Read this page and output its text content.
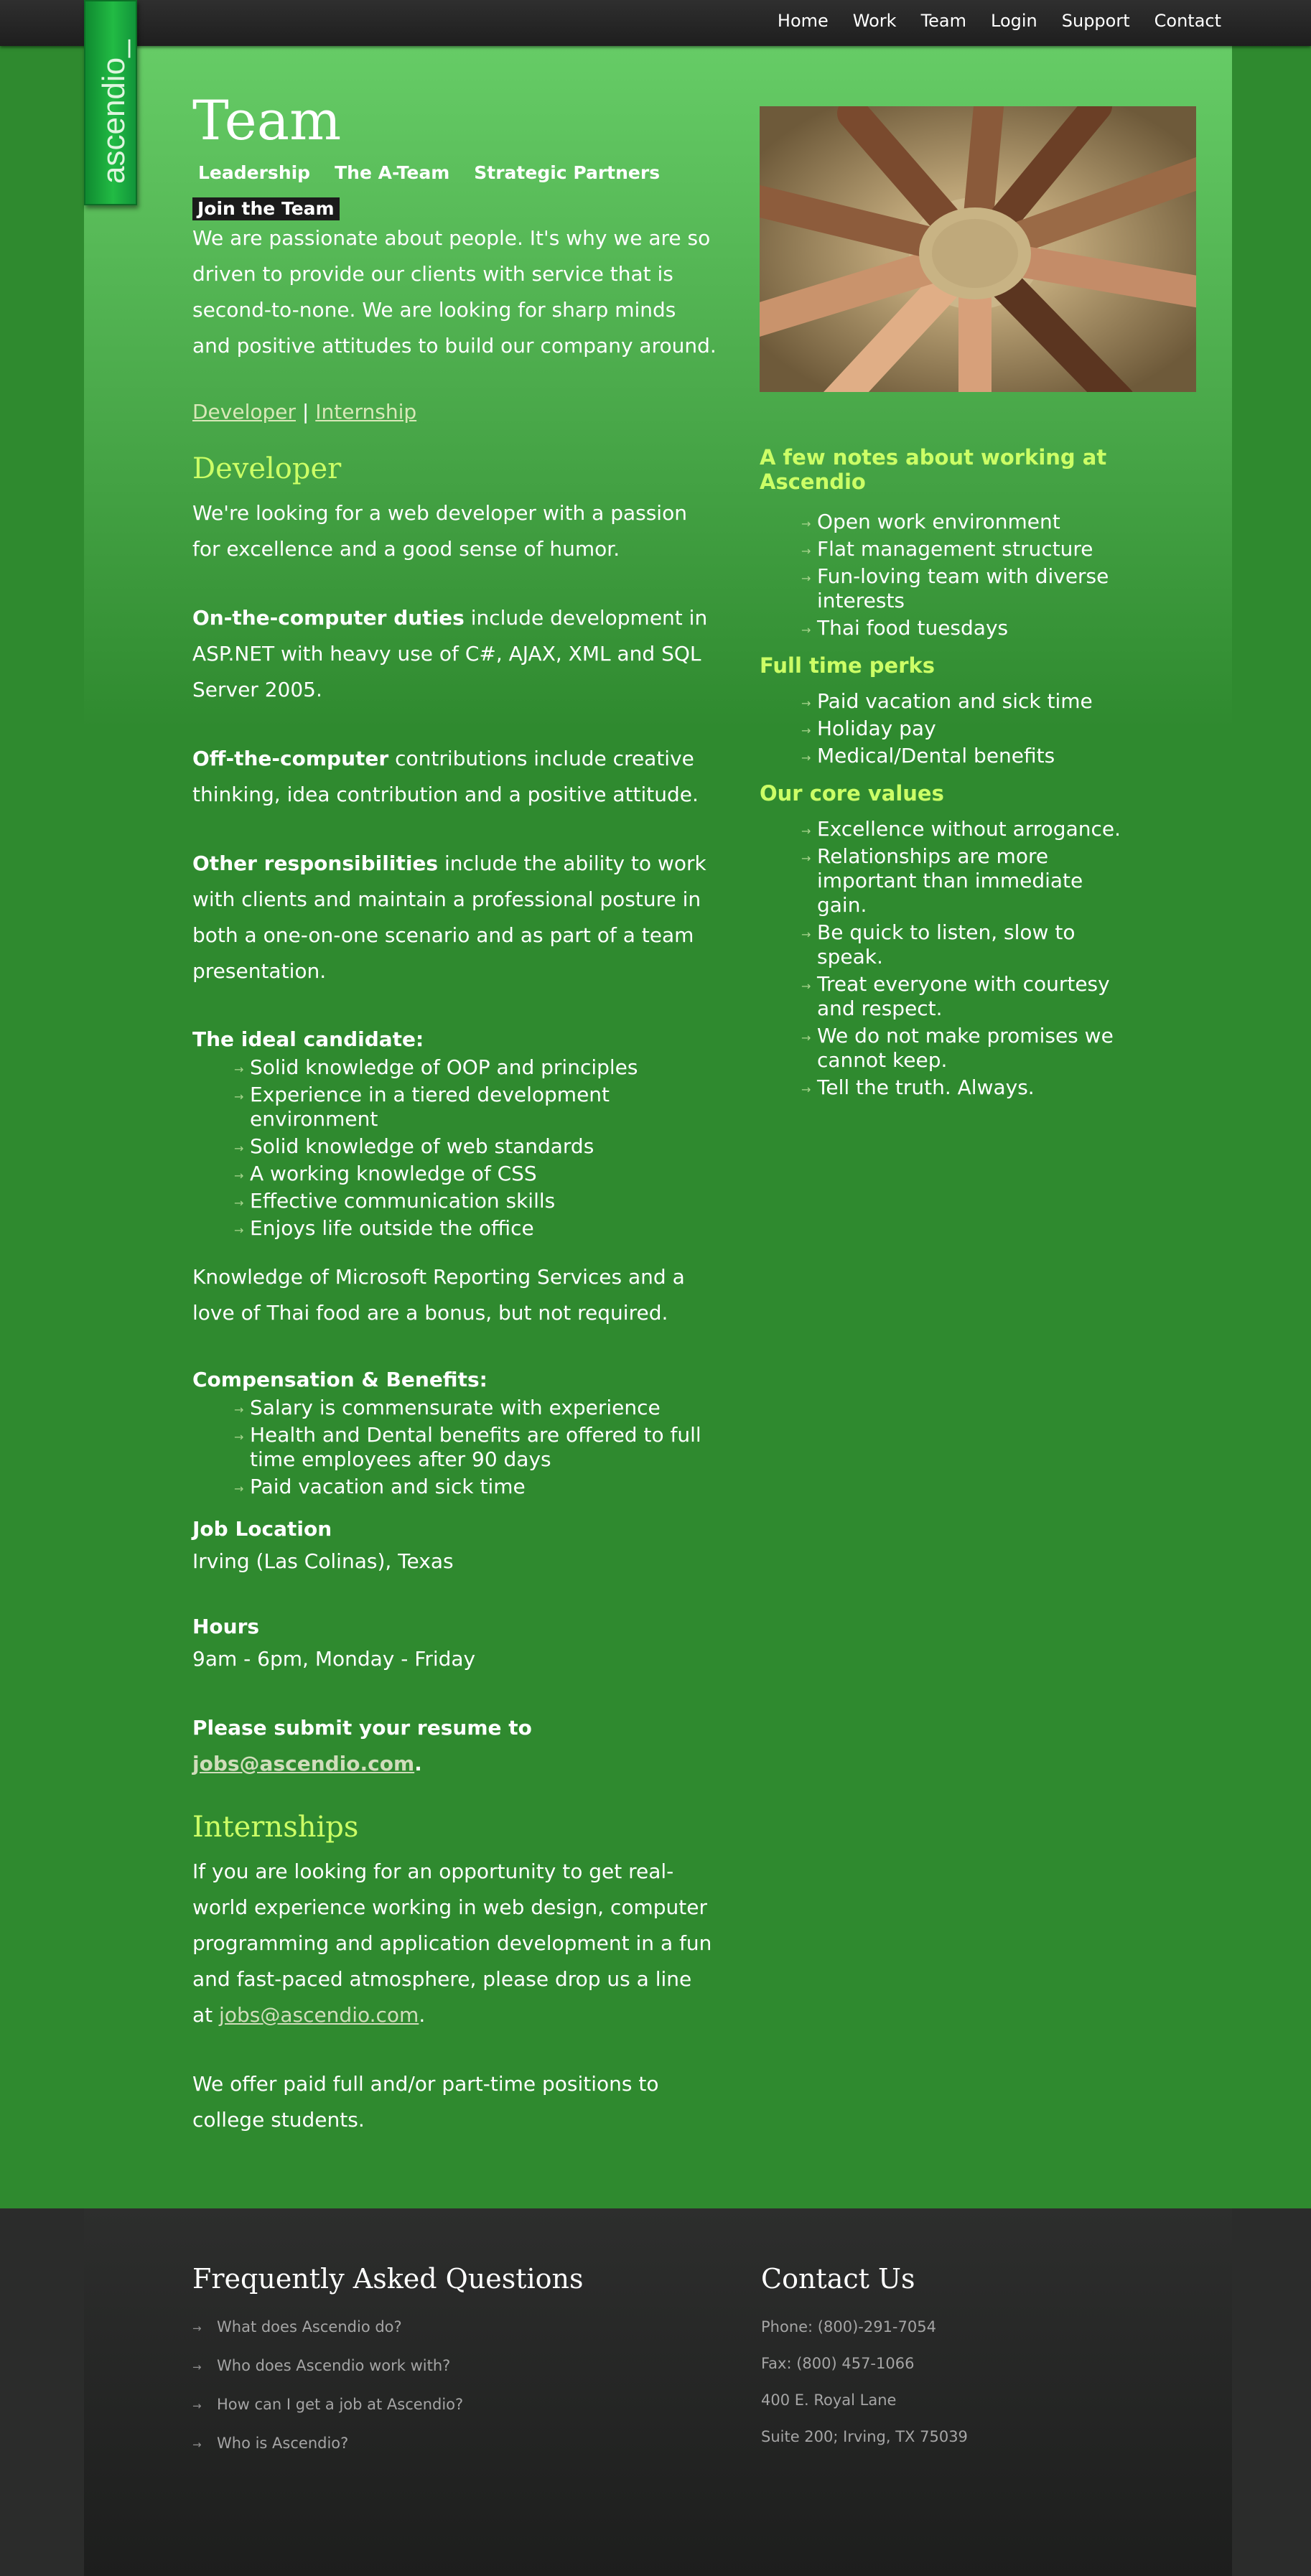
Home Work Team Login Support Contact
ascendio_ Team
Leadership The A-Team Strategic Partners
Join the Team

We are passionate about people. It's why we are so driven to provide our clients with service that is second-to-none. We are looking for sharp minds and positive attitudes to build our company around.

Developer | Internship
Developer

We're looking for a web developer with a passion for excellence and a good sense of humor.

On-the-computer duties include development in ASP.NET with heavy use of C#, AJAX, XML and SQL Server 2005.

Off-the-computer contributions include creative thinking, idea contribution and a positive attitude.

Other responsibilities include the ability to work with clients and maintain a professional posture in both a one-on-one scenario and as part of a team presentation.

The ideal candidate:
→ Solid knowledge of OOP and principles
→ Experience in a tiered development environment
→ Solid knowledge of web standards
→ A working knowledge of CSS
→ Effective communication skills
→ Enjoys life outside the office

Knowledge of Microsoft Reporting Services and a love of Thai food are a bonus, but not required.

Compensation & Benefits:
→ Salary is commensurate with experience
→ Health and Dental benefits are offered to full time employees after 90 days
→ Paid vacation and sick time
Job Location

Irving (Las Colinas), Texas

Hours

9am - 6pm, Monday - Friday

Please submit your resume to jobs@ascendio.com.

Internships

If you are looking for an opportunity to get real-world experience working in web design, computer programming and application development in a fun and fast-paced atmosphere, please drop us a line at jobs@ascendio.com.

We offer paid full and/or part-time positions to college students.

A few notes about working at Ascendio
→ Open work environment
→ Flat management structure
→ Fun-loving team with diverse interests
→ Thai food tuesdays
Full time perks
→ Paid vacation and sick time
→ Holiday pay
→ Medical/Dental benefits
Our core values
→ Excellence without arrogance.
→ Relationships are more important than immediate gain.
→ Be quick to listen, slow to speak.
→ Treat everyone with courtesy and respect.
→ We do not make promises we cannot keep.
→ Tell the truth. Always.
Frequently Asked Questions
→ What does Ascendio do?
→ Who does Ascendio work with?
→ How can I get a job at Ascendio?
→ Who is Ascendio?
Contact Us
Phone: (800)-291-7054
Fax: (800) 457-1066
400 E. Royal Lane
Suite 200; Irving, TX 75039
